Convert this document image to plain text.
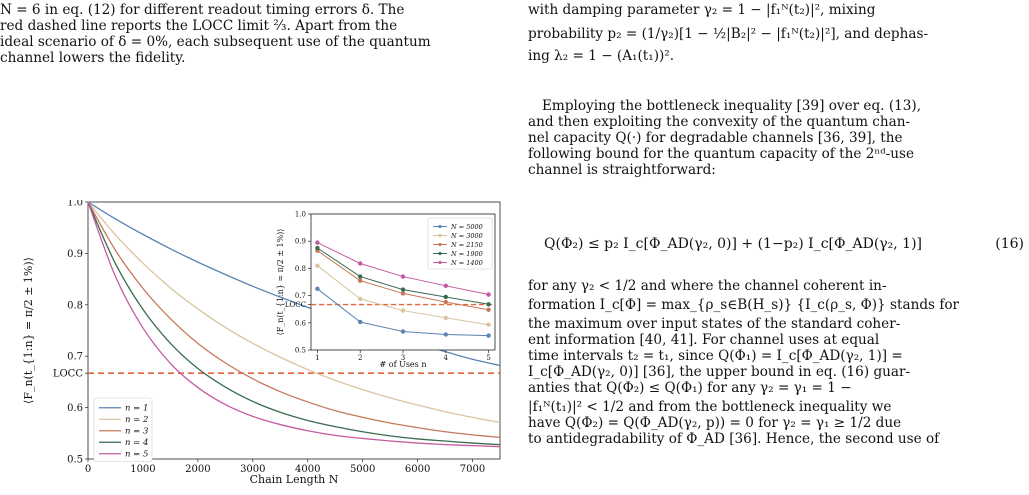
N = 6 in eq. (12) for different readout timing errors δ. The

red dashed line reports the LOCC limit ⅔. Apart from the

ideal scenario of δ = 0%, each subsequent use of the quantum

channel lowers the fidelity.

0	1000	2000	3000	4000	5000	6000	7000
0.5
0.6
0.7
0.8
0.9
1.0
LOCC
Chain Length N
⟨F_n(t_{1:n} = π/2 ± 1%)⟩
n = 1
n = 2
n = 3
n = 4
n = 5
1	2	3	4	5
0.5
0.6
0.7
0.8
0.9
1.0
LOCC
# of Uses n
⟨F_n(t_{1:n} = π/2 ± 1%)⟩
N = 5000
N = 3000
N = 2150
N = 1900
N = 1400
with damping parameter γ₂ = 1 − |f₁ᴺ(t₂)|², mixing
probability p₂ = (1/γ₂)[1 − ½|B₂|² − |f₁ᴺ(t₂)|²], and dephas-
ing λ₂ = 1 − (A₁(t₁))².
Employing the bottleneck inequality [39] over eq. (13),
and then exploiting the convexity of the quantum chan-
nel capacity Q(·) for degradable channels [36, 39], the
following bound for the quantum capacity of the 2ⁿᵈ-use
channel is straightforward:
Q(Φ₂) ≤ p₂ I_c[Φ_AD(γ₂, 0)] + (1−p₂) I_c[Φ_AD(γ₂, 1)]	(16)
for any γ₂ < 1/2 and where the channel coherent in-
formation I_c[Φ] = max_{ρ_s∈B(H_s)} {I_c(ρ_s, Φ)} stands for
the maximum over input states of the standard coher-
ent information [40, 41]. For channel uses at equal
time intervals t₂ = t₁, since Q(Φ₁) = I_c[Φ_AD(γ₂, 1)] =
I_c[Φ_AD(γ₂, 0)] [36], the upper bound in eq. (16) guar-
anties that Q(Φ₂) ≤ Q(Φ₁) for any γ₂ = γ₁ = 1 −
|f₁ᴺ(t₁)|² < 1/2 and from the bottleneck inequality we
have Q(Φ₂) = Q(Φ_AD(γ₂, p)) = 0 for γ₂ = γ₁ ≥ 1/2 due
to antidegradability of Φ_AD [36]. Hence, the second use of
